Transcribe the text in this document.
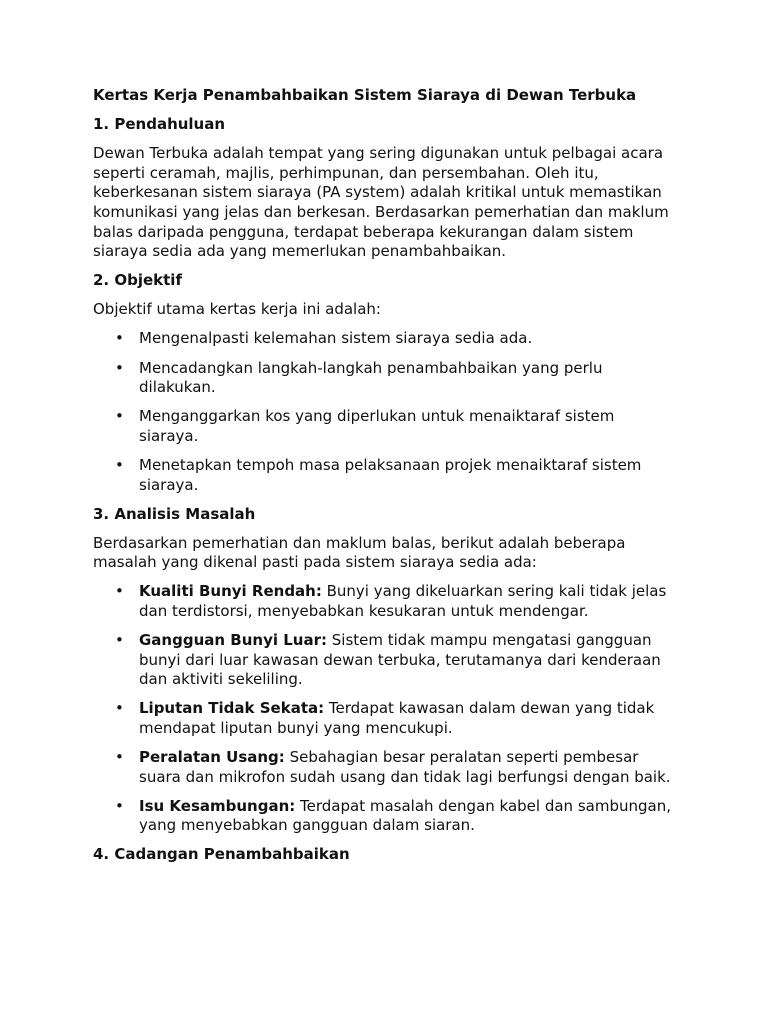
Kertas Kerja Penambahbaikan Sistem Siaraya di Dewan Terbuka
1. Pendahuluan
Dewan Terbuka adalah tempat yang sering digunakan untuk pelbagai acara seperti ceramah, majlis, perhimpunan, dan persembahan. Oleh itu, keberkesanan sistem siaraya (PA system) adalah kritikal untuk memastikan komunikasi yang jelas dan berkesan. Berdasarkan pemerhatian dan maklum balas daripada pengguna, terdapat beberapa kekurangan dalam sistem siaraya sedia ada yang memerlukan penambahbaikan.
2. Objektif
Objektif utama kertas kerja ini adalah:
• Mengenalpasti kelemahan sistem siaraya sedia ada.
• Mencadangkan langkah-langkah penambahbaikan yang perlu dilakukan.
• Menganggarkan kos yang diperlukan untuk menaiktaraf sistem siaraya.
• Menetapkan tempoh masa pelaksanaan projek menaiktaraf sistem siaraya.
3. Analisis Masalah
Berdasarkan pemerhatian dan maklum balas, berikut adalah beberapa masalah yang dikenal pasti pada sistem siaraya sedia ada:
• Kualiti Bunyi Rendah: Bunyi yang dikeluarkan sering kali tidak jelas dan terdistorsi, menyebabkan kesukaran untuk mendengar.
• Gangguan Bunyi Luar: Sistem tidak mampu mengatasi gangguan bunyi dari luar kawasan dewan terbuka, terutamanya dari kenderaan dan aktiviti sekeliling.
• Liputan Tidak Sekata: Terdapat kawasan dalam dewan yang tidak mendapat liputan bunyi yang mencukupi.
• Peralatan Usang: Sebahagian besar peralatan seperti pembesar suara dan mikrofon sudah usang dan tidak lagi berfungsi dengan baik.
• Isu Kesambungan: Terdapat masalah dengan kabel dan sambungan, yang menyebabkan gangguan dalam siaran.
4. Cadangan Penambahbaikan
